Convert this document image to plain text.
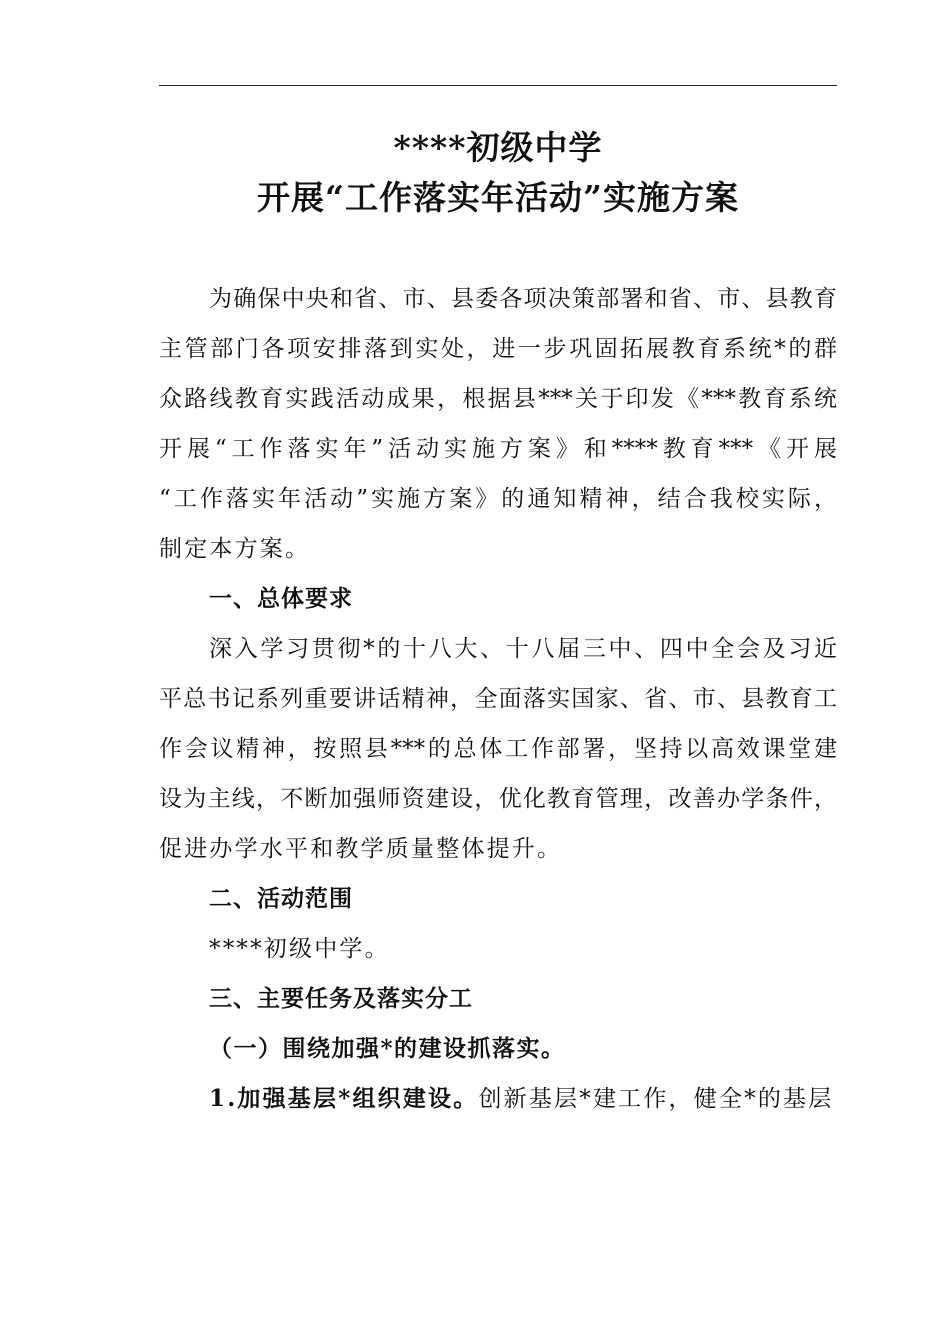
****初级中学
开展“工作落实年活动”实施方案
为确保中央和省、市、县委各项决策部署和省、市、县教育
主管部门各项安排落到实处，进一步巩固拓展教育系统*的群
众路线教育实践活动成果，根据县***关于印发《***教育系统
开展“工作落实年”活动实施方案》和****教育***《开展
“工作落实年活动”实施方案》的通知精神，结合我校实际，
制定本方案。
一、总体要求
深入学习贯彻*的十八大、十八届三中、四中全会及习近
平总书记系列重要讲话精神，全面落实国家、省、市、县教育工
作会议精神，按照县***的总体工作部署，坚持以高效课堂建
设为主线，不断加强师资建设，优化教育管理，改善办学条件，
促进办学水平和教学质量整体提升。
二、活动范围
****初级中学。
三、主要任务及落实分工
（一）围绕加强*的建设抓落实。
1.加强基层*组织建设。创新基层*建工作，健全*的基层
